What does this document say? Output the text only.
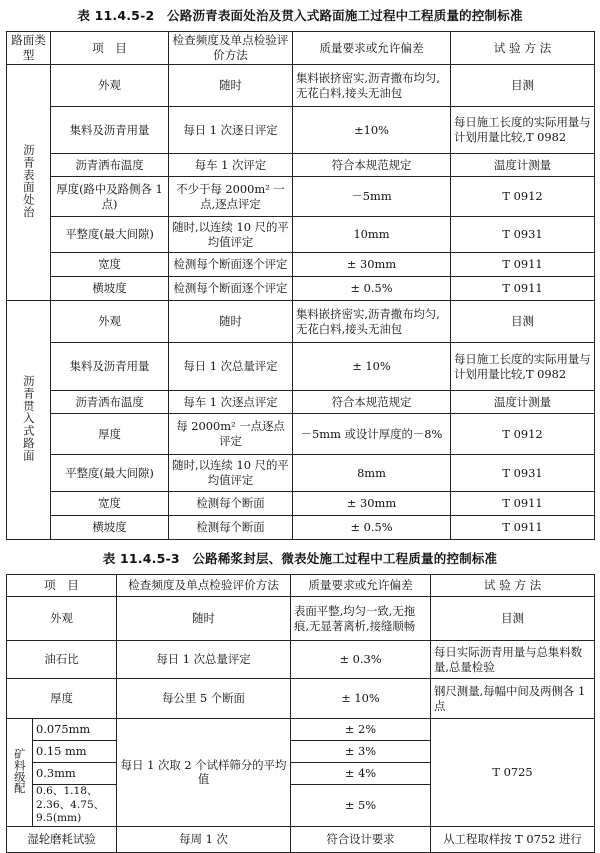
表 11.4.5-2　公路沥青表面处治及贯入式路面施工过程中工程质量的控制标准
路面类型	项　目	检查频度及单点检验评价方法	质量要求或允许偏差	试 验 方 法
沥青表面处治	外观	随时	集料嵌挤密实,沥青撒布均匀,无花白料,接头无油包	目测
	集料及沥青用量	每日 1 次逐日评定	±10%	每日施工长度的实际用量与计划用量比较,T 0982
	沥青洒布温度	每车 1 次评定	符合本规范规定	温度计测量
	厚度(路中及路侧各 1 点)	不少于每 2000m² 一点,逐点评定	－5mm	T 0912
	平整度(最大间隙)	随时,以连续 10 尺的平均值评定	10mm	T 0931
	宽度	检测每个断面逐个评定	± 30mm	T 0911
	横坡度	检测每个断面逐个评定	± 0.5%	T 0911
沥青贯入式路面	外观	随时	集料嵌挤密实,沥青撒布均匀,无花白料,接头无油包	目测
	集料及沥青用量	每日 1 次总量评定	± 10%	每日施工长度的实际用量与计划用量比较,T 0982
	沥青洒布温度	每车 1 次逐点评定	符合本规范规定	温度计测量
	厚度	每 2000m² 一点逐点评定	－5mm 或设计厚度的－8%	T 0912
	平整度(最大间隙)	随时,以连续 10 尺的平均值评定	8mm	T 0931
	宽度	检测每个断面	± 30mm	T 0911
	横坡度	检测每个断面	± 0.5%	T 0911
表 11.4.5-3　公路稀浆封层、微表处施工过程中工程质量的控制标准
项　目		检查频度及单点检验评价方法	质量要求或允许偏差	试 验 方 法
外观		随时	表面平整,均匀一致,无拖痕,无显著离析,接缝顺畅	目测
油石比		每日 1 次总量评定	± 0.3%	每日实际沥青用量与总集料数量,总量检验
厚度		每公里 5 个断面	± 10%	钢尺测量,每幅中间及两侧各 1 点
矿料级配	0.075mm	每日 1 次取 2 个试样筛分的平均值	± 2%	T 0725
	0.15 mm		± 3%	
	0.3mm		± 4%	
	0.6、1.18、2.36、4.75、9.5(mm)		± 5%	
湿轮磨耗试验		每周 1 次	符合设计要求	从工程取样按 T 0752 进行
